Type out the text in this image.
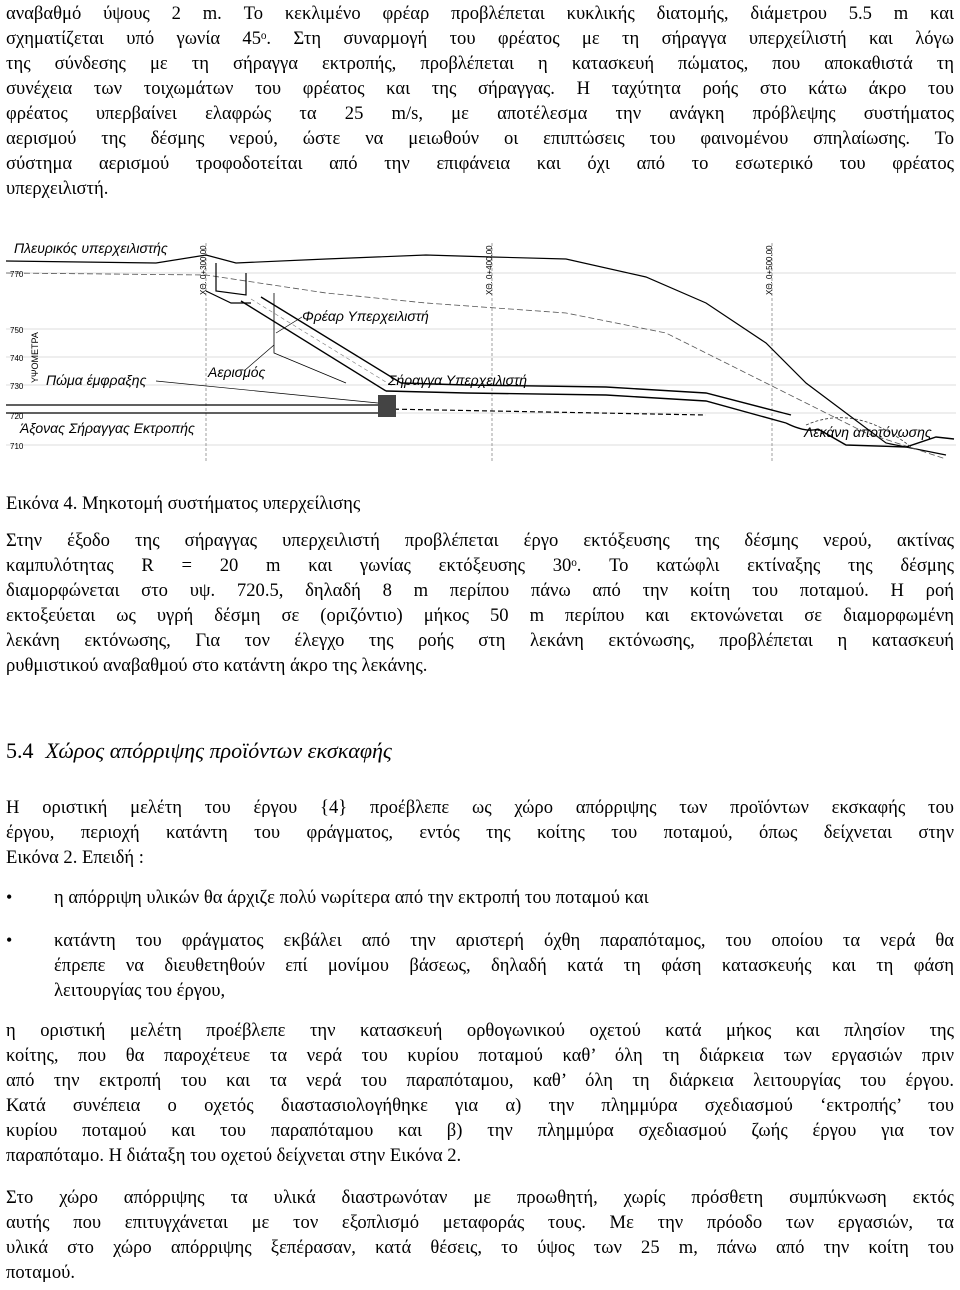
αναβαθμό ύψους 2 m. Το κεκλιμένο φρέαρ προβλέπεται κυκλικής διατομής, διάμετρου 5.5 m και
σχηματίζεται υπό γωνία 45ᵒ. Στη συναρμογή του φρέατος με τη σήραγγα υπερχείλιστή και λόγω
της σύνδεσης με τη σήραγγα εκτροπής, προβλέπεται η κατασκευή πώματος, που αποκαθιστά τη
συνέχεια των τοιχωμάτων του φρέατος και της σήραγγας. Η ταχύτητα ροής στο κάτω άκρο του
φρέατος υπερβαίνει ελαφρώς τα 25 m/s, με αποτέλεσμα την ανάγκη πρόβλεψης συστήματος
αερισμού της δέσμης νερού, ώστε να μειωθούν οι επιπτώσεις του φαινομένου σπηλαίωσης. Το
σύστημα αερισμού τροφοδοτείται από την επιφάνεια και όχι από το εσωτερικό του φρέατος
υπερχειλιστή.
770
750
740
730
720
710
ΥΨΟΜΕΤΡΑ
ΧΘ. 0+300.00	ΧΘ. 0+400.00	ΧΘ. 0+500.00
Πλευρικός υπερχειλιστής
Φρέαρ Υπερχειλιστή
Πώμα έμφραξης	Αερισμός	Σήραγγα Υπερχειλιστή
Άξονας Σήραγγας Εκτροπής	Λεκάνη αποτόνωσης
Εικόνα 4. Μηκοτομή συστήματος υπερχείλισης
Στην έξοδο της σήραγγας υπερχειλιστή προβλέπεται έργο εκτόξευσης της δέσμης νερού, ακτίνας
καμπυλότητας R = 20 m και γωνίας εκτόξευσης 30ᵒ. Το κατώφλι εκτίναξης της δέσμης
διαμορφώνεται στο υψ. 720.5, δηλαδή 8 m περίπου πάνω από την κοίτη του ποταμού. Η ροή
εκτοξεύεται ως υγρή δέσμη σε (οριζόντιο) μήκος 50 m περίπου και εκτονώνεται σε διαμορφωμένη
λεκάνη εκτόνωσης, Για τον έλεγχο της ροής στη λεκάνη εκτόνωσης, προβλέπεται η κατασκευή
ρυθμιστικού αναβαθμού στο κατάντη άκρο της λεκάνης.
5.4 Χώρος απόρριψης προϊόντων εκσκαφής
Η οριστική μελέτη του έργου {4} προέβλεπε ως χώρο απόρριψης των προϊόντων εκσκαφής του
έργου, περιοχή κατάντη του φράγματος, εντός της κοίτης του ποταμού, όπως δείχνεται στην
Εικόνα 2. Επειδή :
•	η απόρριψη υλικών θα άρχιζε πολύ νωρίτερα από την εκτροπή του ποταμού και
•	κατάντη του φράγματος εκβάλει από την αριστερή όχθη παραπόταμος, του οποίου τα νερά θα
έπρεπε να διευθετηθούν επί μονίμου βάσεως, δηλαδή κατά τη φάση κατασκευής και τη φάση
λειτουργίας του έργου,
η οριστική μελέτη προέβλεπε την κατασκευή ορθογωνικού οχετού κατά μήκος και πλησίον της
κοίτης, που θα παροχέτευε τα νερά του κυρίου ποταμού καθ’ όλη τη διάρκεια των εργασιών πριν
από την εκτροπή του και τα νερά του παραπόταμου, καθ’ όλη τη διάρκεια λειτουργίας του έργου.
Κατά συνέπεια ο οχετός διαστασιολογήθηκε για α) την πλημμύρα σχεδιασμού ‘εκτροπής’ του
κυρίου ποταμού και του παραπόταμου και β) την πλημμύρα σχεδιασμού ζωής έργου για τον
παραπόταμο. Η διάταξη του οχετού δείχνεται στην Εικόνα 2.
Στο χώρο απόρριψης τα υλικά διαστρωνόταν με προωθητή, χωρίς πρόσθετη συμπύκνωση εκτός
αυτής που επιτυγχάνεται με τον εξοπλισμό μεταφοράς τους. Με την πρόοδο των εργασιών, τα
υλικά στο χώρο απόρριψης ξεπέρασαν, κατά θέσεις, το ύψος των 25 m, πάνω από την κοίτη του
ποταμού.
